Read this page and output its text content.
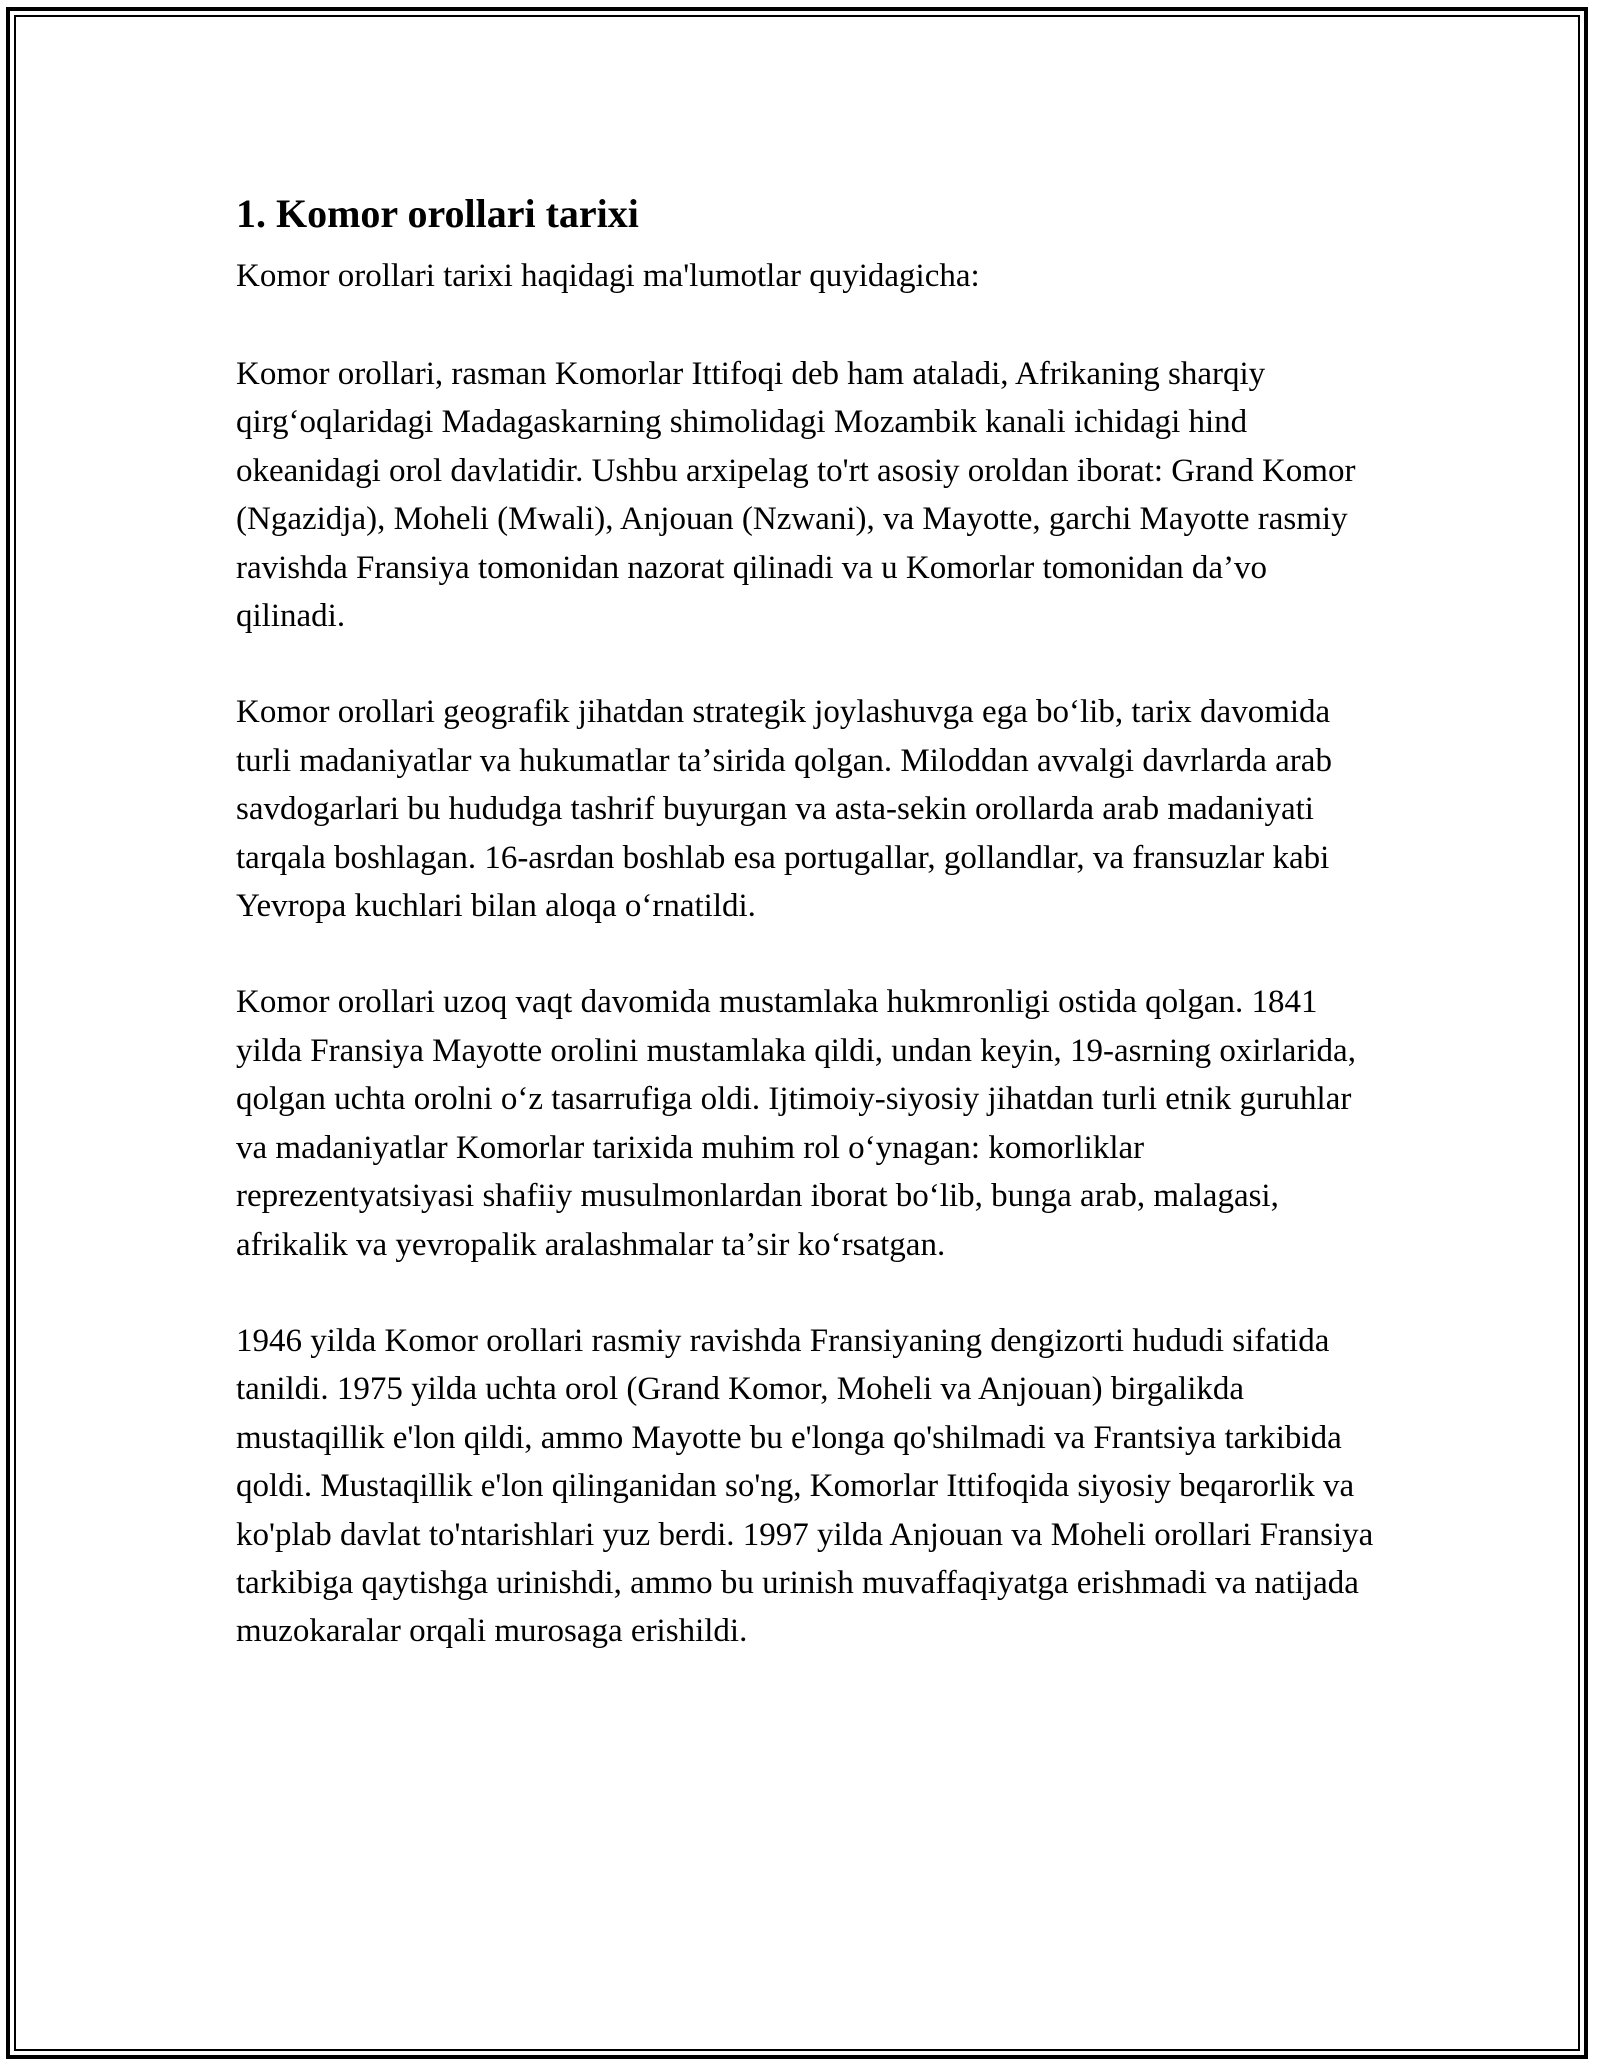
1. Komor orollari tarixi

Komor orollari tarixi haqidagi ma'lumotlar quyidagicha:

Komor orollari, rasman Komorlar Ittifoqi deb ham ataladi, Afrikaning sharqiy qirgʻoqlaridagi Madagaskarning shimolidagi Mozambik kanali ichidagi hind okeanidagi orol davlatidir. Ushbu arxipelag to'rt asosiy oroldan iborat: Grand Komor (Ngazidja), Moheli (Mwali), Anjouan (Nzwani), va Mayotte, garchi Mayotte rasmiy ravishda Fransiya tomonidan nazorat qilinadi va u Komorlar tomonidan da’vo qilinadi.

Komor orollari geografik jihatdan strategik joylashuvga ega boʻlib, tarix davomida turli madaniyatlar va hukumatlar taʼsirida qolgan. Miloddan avvalgi davrlarda arab savdogarlari bu hududga tashrif buyurgan va asta-sekin orollarda arab madaniyati tarqala boshlagan. 16-asrdan boshlab esa portugallar, gollandlar, va fransuzlar kabi Yevropa kuchlari bilan aloqa oʻrnatildi.

Komor orollari uzoq vaqt davomida mustamlaka hukmronligi ostida qolgan. 1841 yilda Fransiya Mayotte orolini mustamlaka qildi, undan keyin, 19-asrning oxirlarida, qolgan uchta orolni oʻz tasarrufiga oldi. Ijtimoiy-siyosiy jihatdan turli etnik guruhlar va madaniyatlar Komorlar tarixida muhim rol oʻynagan: komorliklar reprezentyatsiyasi shafiiy musulmonlardan iborat boʻlib, bunga arab, malagasi, afrikalik va yevropalik aralashmalar taʼsir koʻrsatgan.

1946 yilda Komor orollari rasmiy ravishda Fransiyaning dengizorti hududi sifatida tanildi. 1975 yilda uchta orol (Grand Komor, Moheli va Anjouan) birgalikda mustaqillik e'lon qildi, ammo Mayotte bu e'longa qo'shilmadi va Frantsiya tarkibida qoldi. Mustaqillik e'lon qilinganidan so'ng, Komorlar Ittifoqida siyosiy beqarorlik va ko'plab davlat to'ntarishlari yuz berdi. 1997 yilda Anjouan va Moheli orollari Fransiya tarkibiga qaytishga urinishdi, ammo bu urinish muvaffaqiyatga erishmadi va natijada muzokaralar orqali murosaga erishildi.
